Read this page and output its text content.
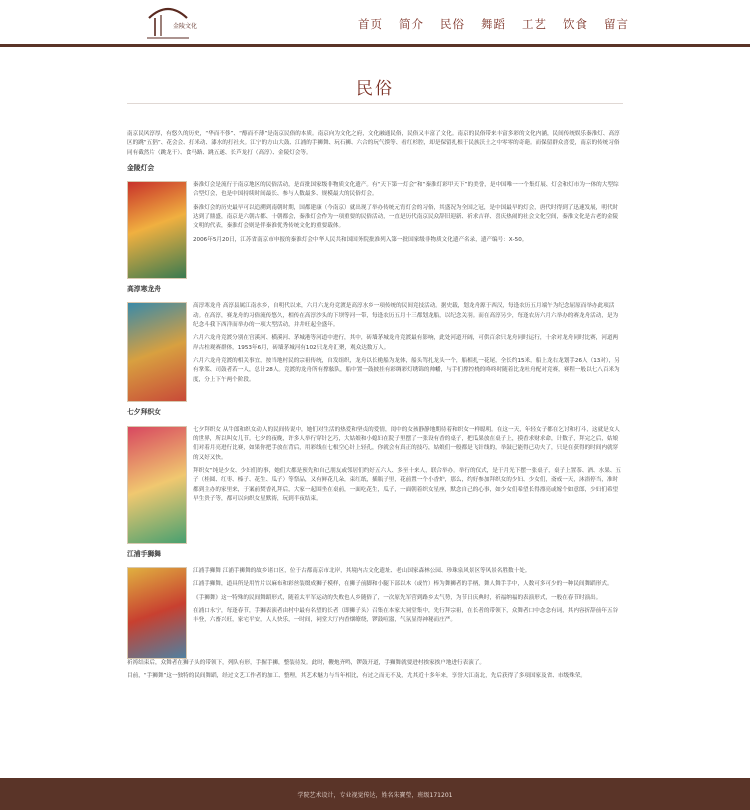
金陵文化	首页 简介 民俗 舞蹈 工艺 饮食 留言
民俗
南京民风淳厚，有悠久的历史，“华而不侈”、“醇而不薄”是南京民俗的本质。南京向为文化之府，文化融通民俗，民俗又丰富了文化。南京的民俗带来丰富多彩的文化内涵，民间传统娱乐秦淮灯、高淳区的跳“五猖”、花会会、打米动、漆水的打社火。江宁的方山大鼓、江浦的手狮舞、玩石狮、六合的玩气馍等、看红杉腔，却是保留扎根于民族沃土之中零零的奇葩。而保留群众喜爱，南京的传统习俗同有截然片（跳龙干）、食马路、跳五遂、长芦龙打（高淳）、金陵灯会等。
金陵灯会
秦淮灯会是流行于南京地区的民俗活动，是首批国家级非物质文化遗产。有“天下第一灯会”和“秦淮灯彩甲天下”的美誉，是中国唯一一个集灯展、灯会和灯市为一体的大型综合型灯会，也是中国持续时间最长、参与人数最多、规模最大的民俗灯会。
秦淮灯会的历史最早可以追溯到南朝时期，国都建康（今南京）就出现了举办传统元宵灯会的习俗，其盛况为全国之冠，是中国最早的灯会，唐代时得到了迅速发展，明代时达到了鼎盛，南京是六朝古都、十朝都会，秦淮灯会作为一项重要的民俗活动，一直是历代南京民众辞旧迎新、祈求吉祥、喜庆热闹的社会文化空间，秦淮文化是古老的金陵文明的代表，秦淮灯会则是伴秦淮优秀传统文化的重要载体。
2006年5月20日，江苏省南京市申报的秦淮灯会中华人民共和国国务院批准列入第一批国家级非物质文化遗产名录，遗产编号：Ⅹ-50。
高淳寒龙舟
高淳寒龙舟 高淳县属江南水乡，自明代以来，六月六龙舟竞渡是高淳水乡一项传统的民间竞技活动。据史载，划龙舟源于西汉，每逢农历五月端午为纪念屈原而举办此项活动。在高淳，赛龙舟的习俗流传悠久，相传在高淳沙头的下坝等河一带，每逢农历五月十三都划龙船，以纪念关羽。而在高淳另少，每逢农历六月六举办的赛龙舟活动，是为纪念斗我下西洋而举办的一项大型活动，并井旺起全盛年。
六月六龙舟竞渡分别在宫溪河、横溪河、茅城港等河道中进行，其中，砖墙茅城龙舟竞渡最有影响，此处河道开阔，可供百余只龙舟同时运行，十余对龙舟同时比赛，河道两岸古柱观赛群体，1953年6月，砖墙茅城河有102只龙舟汇聚，观众达数万人。
六月六龙舟竞渡的相关事宜，按当地村民的宗祖传统，自发组织，龙舟以长桅船为龙体，船头驾扎龙头一个，船相扎一花尾，全长约15米，船上龙右龙划手26人（13对），另有掌桨、司鼓者若一人，总计28人。竞渡的龙舟所有撑舷队，船中置一鼓披挂有彩绸彩灯绣锦的帅幡，与手们撑控桡的咚咚时随着比龙吐舟配对竞赛，赛程一般以七八百米为度，分上下午两个阶段。
七夕拜织女
七夕拜织女 从牛郎和织女动人的民间传说中，她们对生活的热爱和坚贞的爱情，闺中的女孩静静地期待着和织女一样聪明。在这一天，年轻女子都在乞讨和打斗，这就是女人的世界，所以叫女儿节。七夕的夜晚，许多人举行穿针乞巧，大姑娘和小媳妇在院子里摆了一张设有香的桌子，把瓜果放在桌子上，摸香求财求命，计数子，拜完之后，姑娘们对着月亮进行比赛，如果你把手放在背后，用彩线在七根空心针上轻孔，你就会有真正的技巧，姑娘们一般都是飞针线的，举鼓已能得已功夫了，只是在获得的时间内就穿的又好又快。
拜织女“纯是少女、少妇们的事，她们大都是预先和自己朋友或邻居们约好五六人、多至十来人，联合举办。举行的仪式，是于月光下摆一张桌子，桌子上置茶、酒、水果、五子（桂圆、红枣、榛子、花生、瓜子）等祭品，又有鲜花几朵，束红纸，插瓶子里，花前置一个小香炉，那么，约好参加拜织女的少妇、少女们，斋戒一天，沐浴停当，准时都到主办的家里来，于案前焚香礼拜后，大家一起围坐在桌前，一面吃花生，瓜子，一面朝着织女星座，默念自己的心事，如少女们希望长得漂亮或嫁个如意郎，少妇们希望早生贵子等，都可以向织女星默祷，玩到半夜结束。
江浦手狮舞
江浦手狮舞 江浦手狮舞的故乡诸口区，位于古都南京市北岸，其境内古文化遗址、老山国家森林公园、珍珠泉风景区等风景名胜数十处。
江浦手狮舞，道具所是用竹片以麻布和彩丝装缀成狮子模样，在狮子前脚和小腿下部以木（或竹）棒为舞狮者的手柄，舞人舞手手中，人数可多可少的一种民间舞蹈形式。
《手狮舞》这一特殊的民间舞蹈形式，随着太平军运动的失败也人乡随俗了，一次原先军营到路乡太气势，为节日庆典时，祈福纳福的表演形式，一般在春节时演出。
在浦口永宁，每逢春节，手狮表演者由村中最有名望的长者（即狮子头）召集在本家大祠堂集中，先行拜宗祖，在长者的带领下，众舞者口中念念有词，其内容折辞前年五谷丰登，六畜兴旺，家宅平安，人人快乐，一时间，祠堂大厅内香烟缭绕，锣鼓喧嚣，气氛显得神秘而庄严。
祈祷结束后，众舞者在狮子头的带领下，列队有形，手握手狮，整装待发。此时，鞭炮齐鸣，锣鼓开道，手狮舞就要进村挨家挨户地进行表演了。
目前，“手狮舞”这一独特的民间舞蹈，经过文艺工作者的加工、整理，其艺术魅力与当年相比，有过之而无不及，尤其近十多年来，享誉大江南北，先后获得了多项国家及省、市级殊荣。
学院艺术设计，专业视觉传达，姓名朱寶瑩，班级171201
